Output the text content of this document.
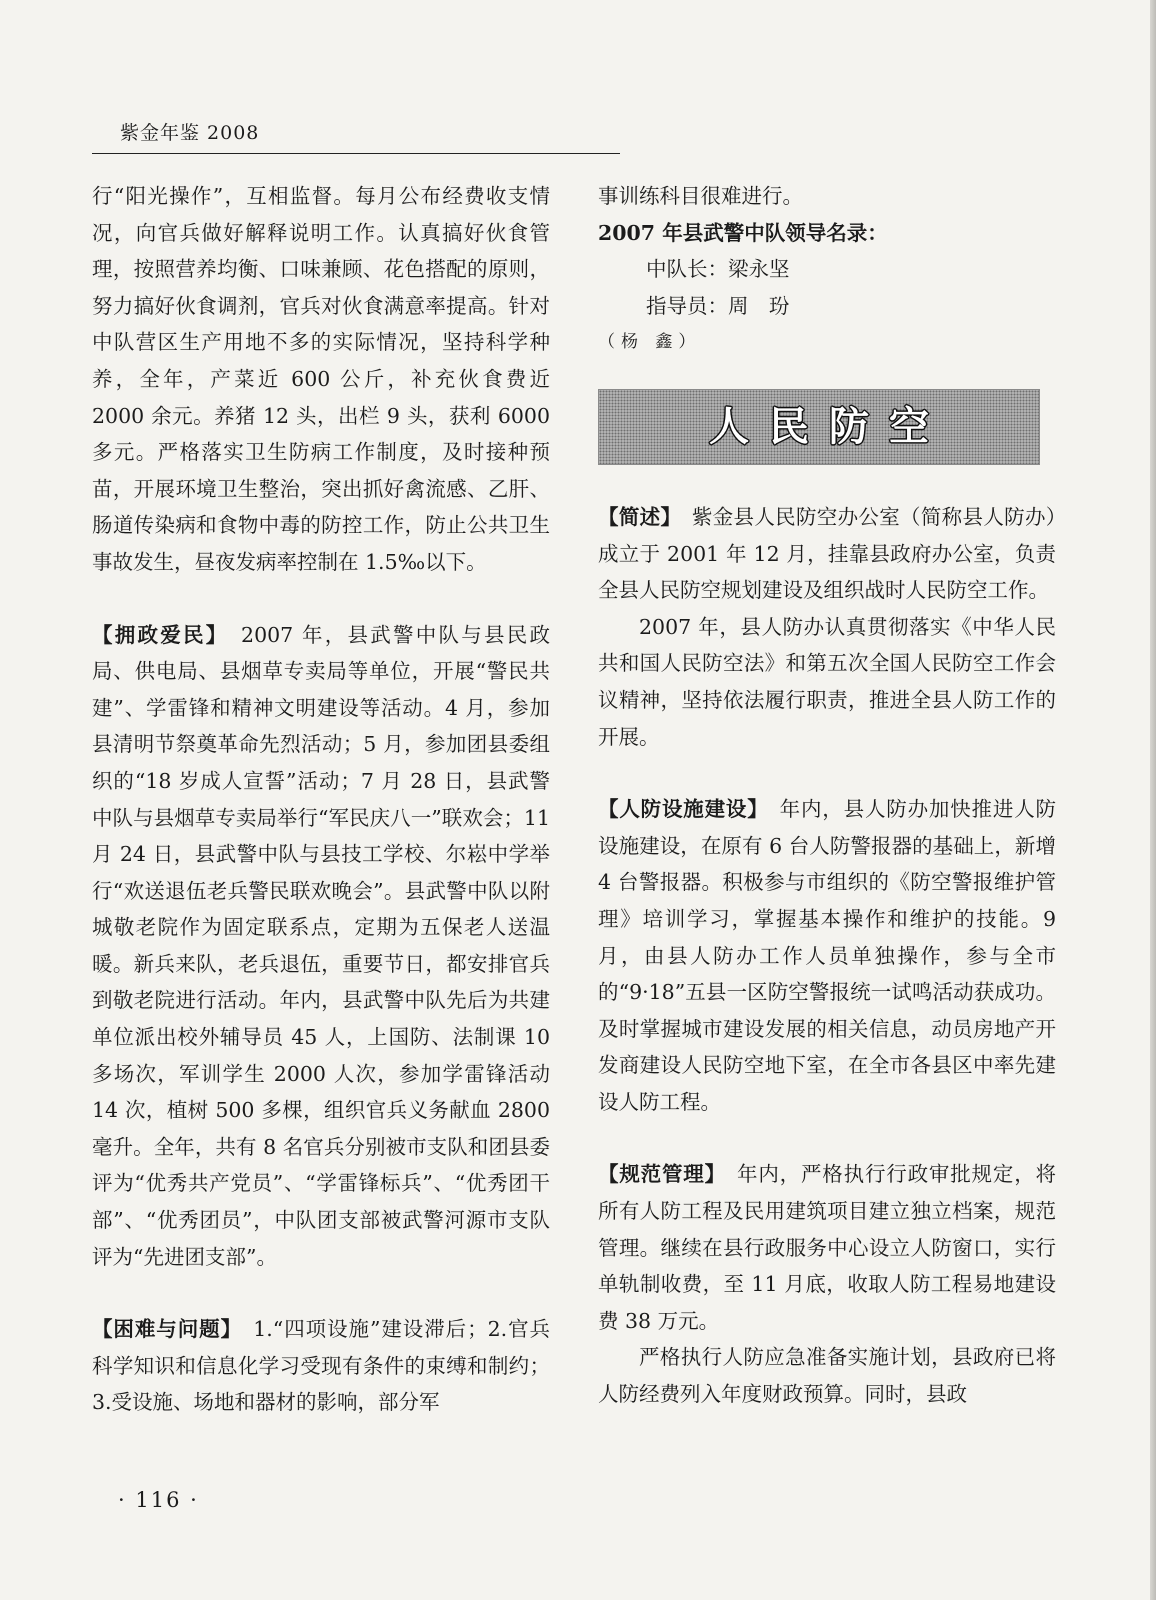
紫金年鉴 2008

行“阳光操作”，互相监督。每月公布经费收支情况，向官兵做好解释说明工作。认真搞好伙食管理，按照营养均衡、口味兼顾、花色搭配的原则，努力搞好伙食调剂，官兵对伙食满意率提高。针对中队营区生产用地不多的实际情况，坚持科学种养，全年，产菜近 600 公斤，补充伙食费近 2000 余元。养猪 12 头，出栏 9 头，获利 6000 多元。严格落实卫生防病工作制度，及时接种预苗，开展环境卫生整治，突出抓好禽流感、乙肝、肠道传染病和食物中毒的防控工作，防止公共卫生事故发生，昼夜发病率控制在 1.5‰以下。

【拥政爱民】　 2007 年，县武警中队与县民政局、供电局、县烟草专卖局等单位，开展“警民共建”、学雷锋和精神文明建设等活动。4 月，参加县清明节祭奠革命先烈活动；5 月，参加团县委组织的“18 岁成人宣誓”活动；7 月 28 日，县武警中队与县烟草专卖局举行“军民庆八一”联欢会；11 月 24 日，县武警中队与县技工学校、尔崧中学举行“欢送退伍老兵警民联欢晚会”。县武警中队以附城敬老院作为固定联系点，定期为五保老人送温暖。新兵来队，老兵退伍，重要节日，都安排官兵到敬老院进行活动。年内，县武警中队先后为共建单位派出校外辅导员 45 人，上国防、法制课 10 多场次，军训学生 2000 人次，参加学雷锋活动 14 次，植树 500 多棵，组织官兵义务献血 2800 毫升。全年，共有 8 名官兵分别被市支队和团县委评为“优秀共产党员”、“学雷锋标兵”、“优秀团干部”、“优秀团员”，中队团支部被武警河源市支队评为“先进团支部”。

【困难与问题】　 1.“四项设施”建设滞后；2.官兵科学知识和信息化学习受现有条件的束缚和制约；3.受设施、场地和器材的影响，部分军

事训练科目很难进行。

2007 年县武警中队领导名录：

中队长：梁永坚

指导员：周　玢

（杨 鑫）

人民防空

【简述】　 紫金县人民防空办公室（简称县人防办）成立于 2001 年 12 月，挂靠县政府办公室，负责全县人民防空规划建设及组织战时人民防空工作。

2007 年，县人防办认真贯彻落实《中华人民共和国人民防空法》和第五次全国人民防空工作会议精神，坚持依法履行职责，推进全县人防工作的开展。

【人防设施建设】　 年内，县人防办加快推进人防设施建设，在原有 6 台人防警报器的基础上，新增 4 台警报器。积极参与市组织的《防空警报维护管理》培训学习，掌握基本操作和维护的技能。9 月，由县人防办工作人员单独操作，参与全市的“9·18”五县一区防空警报统一试鸣活动获成功。及时掌握城市建设发展的相关信息，动员房地产开发商建设人民防空地下室，在全市各县区中率先建设人防工程。

【规范管理】　 年内，严格执行行政审批规定，将所有人防工程及民用建筑项目建立独立档案，规范管理。继续在县行政服务中心设立人防窗口，实行单轨制收费，至 11 月底，收取人防工程易地建设费 38 万元。

严格执行人防应急准备实施计划，县政府已将人防经费列入年度财政预算。同时，县政

· 116 ·
